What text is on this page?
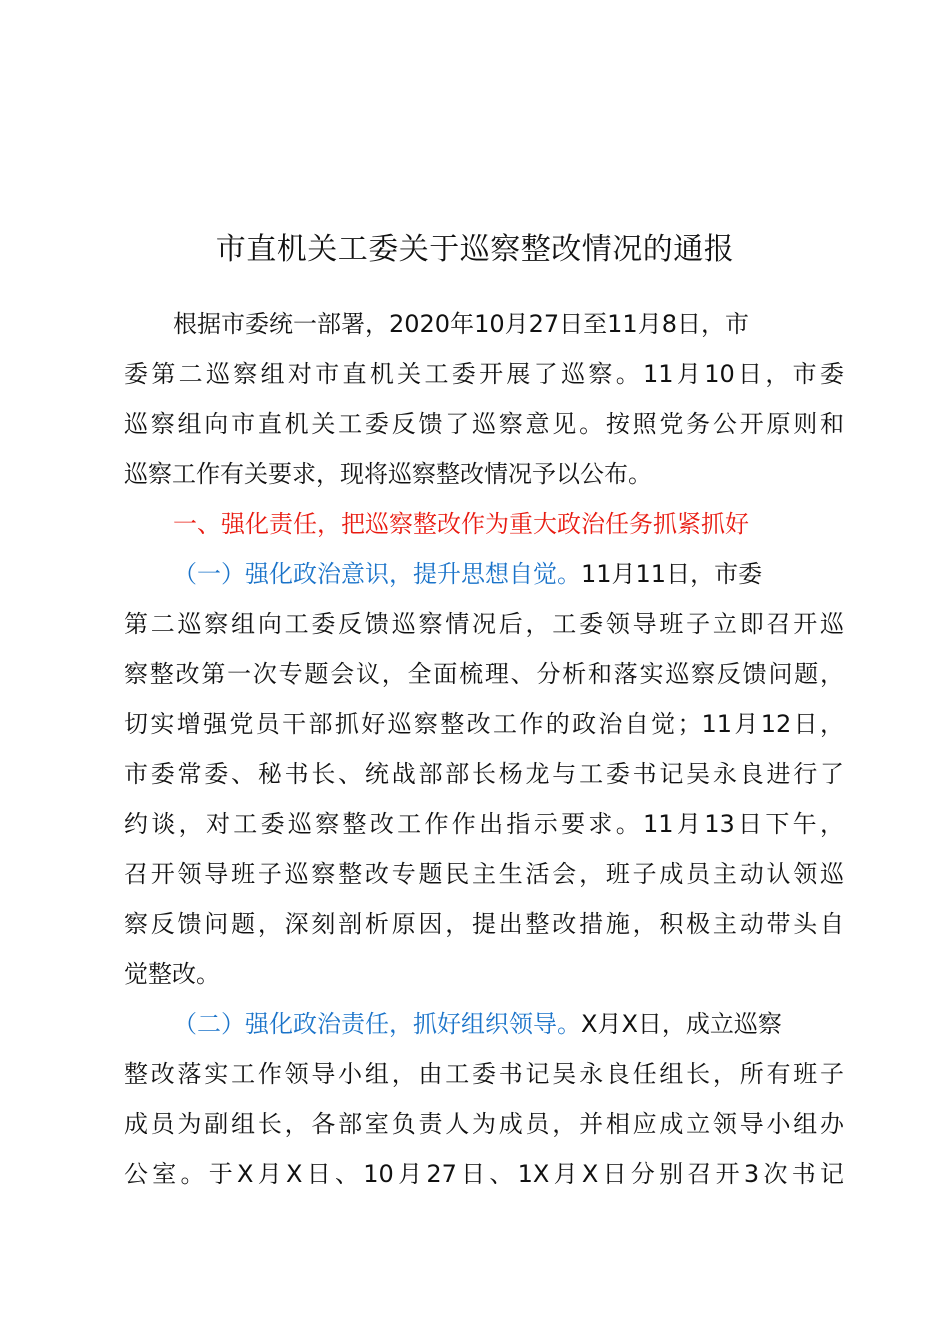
市直机关工委关于巡察整改情况的通报
根据市委统一部署，2020年10月27日至11月8日，市
委第二巡察组对市直机关工委开展了巡察。11月10日，市委
巡察组向市直机关工委反馈了巡察意见。按照党务公开原则和
巡察工作有关要求，现将巡察整改情况予以公布。
一、强化责任，把巡察整改作为重大政治任务抓紧抓好
（一）强化政治意识，提升思想自觉。11月11日，市委
第二巡察组向工委反馈巡察情况后，工委领导班子立即召开巡
察整改第一次专题会议，全面梳理、分析和落实巡察反馈问题，
切实增强党员干部抓好巡察整改工作的政治自觉；11月12日，
市委常委、秘书长、统战部部长杨龙与工委书记吴永良进行了
约谈，对工委巡察整改工作作出指示要求。11月13日下午，
召开领导班子巡察整改专题民主生活会，班子成员主动认领巡
察反馈问题，深刻剖析原因，提出整改措施，积极主动带头自
觉整改。
（二）强化政治责任，抓好组织领导。X月X日，成立巡察
整改落实工作领导小组，由工委书记吴永良任组长，所有班子
成员为副组长，各部室负责人为成员，并相应成立领导小组办
公室。于X月X日、10月27日、1X月X日分别召开3次书记
